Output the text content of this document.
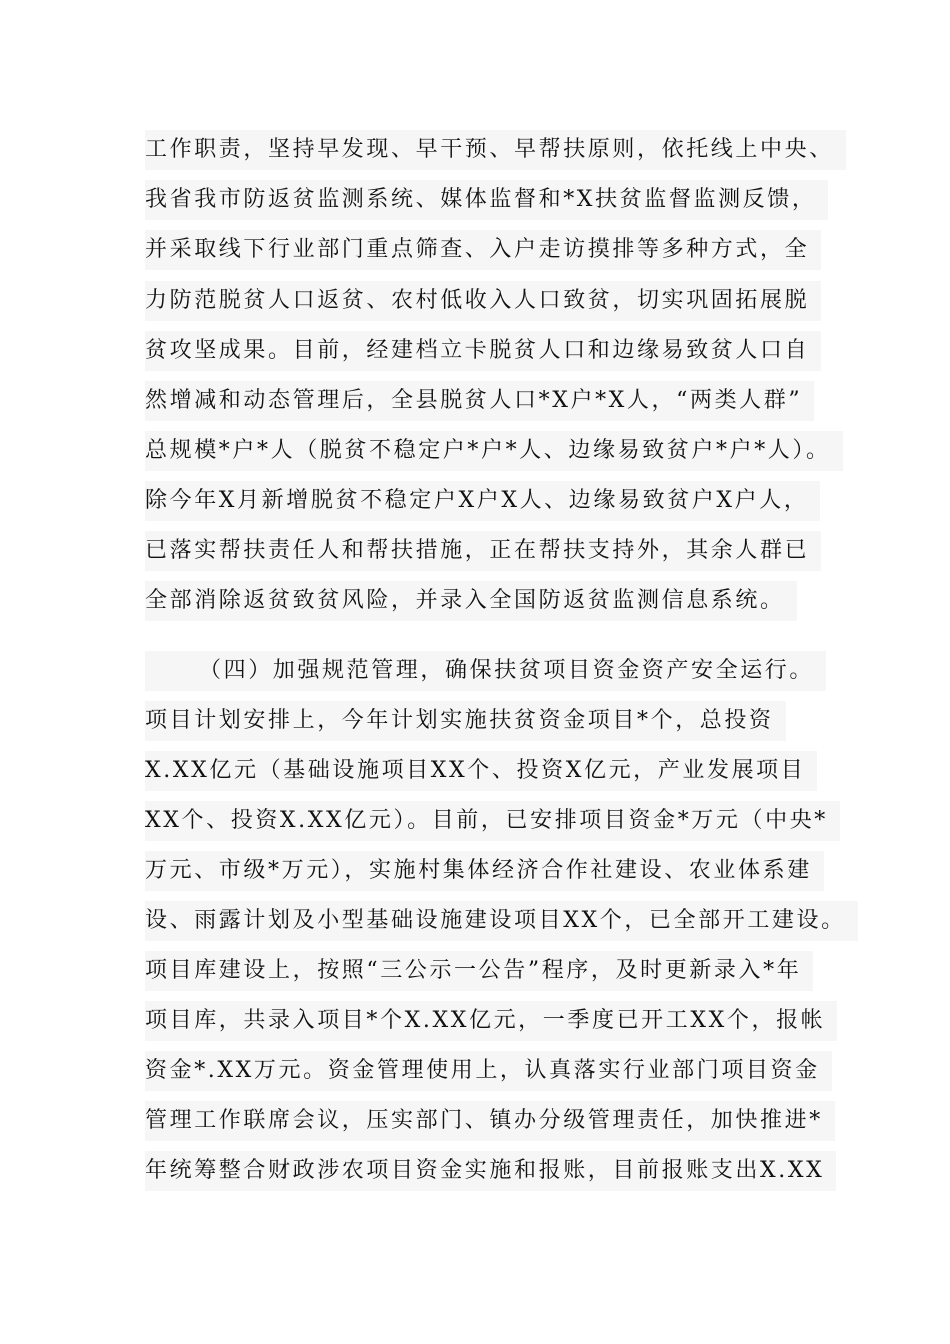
工作职责，坚持早发现、早干预、早帮扶原则，依托线上中央、
我省我市防返贫监测系统、媒体监督和*X扶贫监督监测反馈，
并采取线下行业部门重点筛查、入户走访摸排等多种方式，全
力防范脱贫人口返贫、农村低收入人口致贫，切实巩固拓展脱
贫攻坚成果。目前，经建档立卡脱贫人口和边缘易致贫人口自
然增减和动态管理后，全县脱贫人口*X户*X人，“两类人群”
总规模*户*人（脱贫不稳定户*户*人、边缘易致贫户*户*人）。
除今年X月新增脱贫不稳定户X户X人、边缘易致贫户X户人，
已落实帮扶责任人和帮扶措施，正在帮扶支持外，其余人群已
全部消除返贫致贫风险，并录入全国防返贫监测信息系统。
（四）加强规范管理，确保扶贫项目资金资产安全运行。
项目计划安排上，今年计划实施扶贫资金项目*个，总投资
X.XX亿元（基础设施项目XX个、投资X亿元，产业发展项目
XX个、投资X.XX亿元）。目前，已安排项目资金*万元（中央*
万元、市级*万元），实施村集体经济合作社建设、农业体系建
设、雨露计划及小型基础设施建设项目XX个，已全部开工建设。
项目库建设上，按照“三公示一公告”程序，及时更新录入*年
项目库，共录入项目*个X.XX亿元，一季度已开工XX个，报帐
资金*.XX万元。资金管理使用上，认真落实行业部门项目资金
管理工作联席会议，压实部门、镇办分级管理责任，加快推进*
年统筹整合财政涉农项目资金实施和报账，目前报账支出X.XX
